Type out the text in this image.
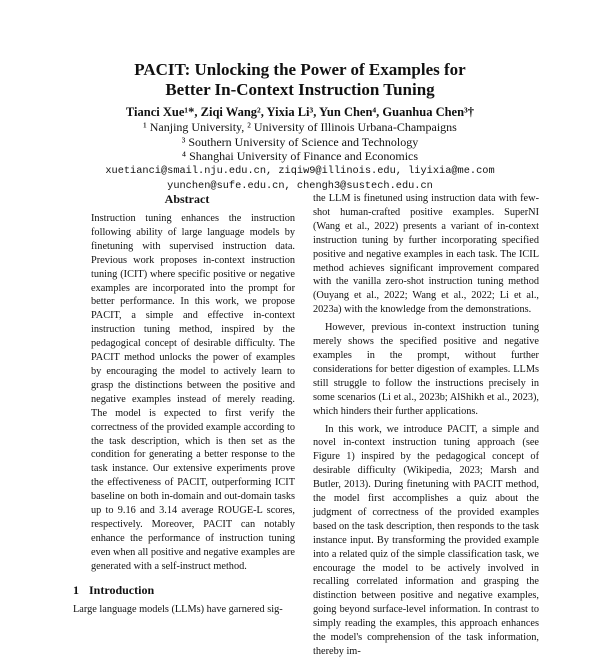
PACIT: Unlocking the Power of Examples for
Better In-Context Instruction Tuning
Tianci Xue¹*, Ziqi Wang², Yixia Li³, Yun Chen⁴, Guanhua Chen³†
¹ Nanjing University, ² University of Illinois Urbana-Champaigns
³ Southern University of Science and Technology
⁴ Shanghai University of Finance and Economics
xuetianci@smail.nju.edu.cn, ziqiw9@illinois.edu, liyixia@me.com
yunchen@sufe.edu.cn, chengh3@sustech.edu.cn
Abstract

Instruction tuning enhances the instruction following ability of large language models by finetuning with supervised instruction data. Previous work proposes in-context instruction tuning (ICIT) where specific positive or negative examples are incorporated into the prompt for better performance. In this work, we propose PACIT, a simple and effective in-context instruction tuning method, inspired by the pedagogical concept of desirable difficulty. The PACIT method unlocks the power of examples by encouraging the model to actively learn to grasp the distinctions between the positive and negative examples instead of merely reading. The model is expected to first verify the correctness of the provided example according to the task description, which is then set as the condition for generating a better response to the task instance. Our extensive experiments prove the effectiveness of PACIT, outperforming ICIT baseline on both in-domain and out-domain tasks up to 9.16 and 3.14 average ROUGE-L scores, respectively. Moreover, PACIT can notably enhance the performance of instruction tuning even when all positive and negative examples are generated with a self-instruct method.

1 Introduction

Large language models (LLMs) have garnered sig-

the LLM is finetuned using instruction data with few-shot human-crafted positive examples. SuperNI (Wang et al., 2022) presents a variant of in-context instruction tuning by further incorporating specified positive and negative examples in each task. The ICIL method achieves significant improvement compared with the vanilla zero-shot instruction tuning method (Ouyang et al., 2022; Wang et al., 2022; Li et al., 2023a) with the knowledge from the demonstrations.

However, previous in-context instruction tuning merely shows the specified positive and negative examples in the prompt, without further considerations for better digestion of examples. LLMs still struggle to follow the instructions precisely in some scenarios (Li et al., 2023b; AlShikh et al., 2023), which hinders their further applications.

In this work, we introduce PACIT, a simple and novel in-context instruction tuning approach (see Figure 1) inspired by the pedagogical concept of desirable difficulty (Wikipedia, 2023; Marsh and Butler, 2013). During finetuning with PACIT method, the model first accomplishes a quiz about the judgment of correctness of the provided examples based on the task description, then responds to the task instance input. By transforming the provided example into a related quiz of the simple classification task, we encourage the model to be actively involved in recalling correlated information and grasping the distinction between positive and negative examples, going beyond surface-level information. In contrast to simply reading the examples, this approach enhances the model's comprehension of the task information, thereby im-
